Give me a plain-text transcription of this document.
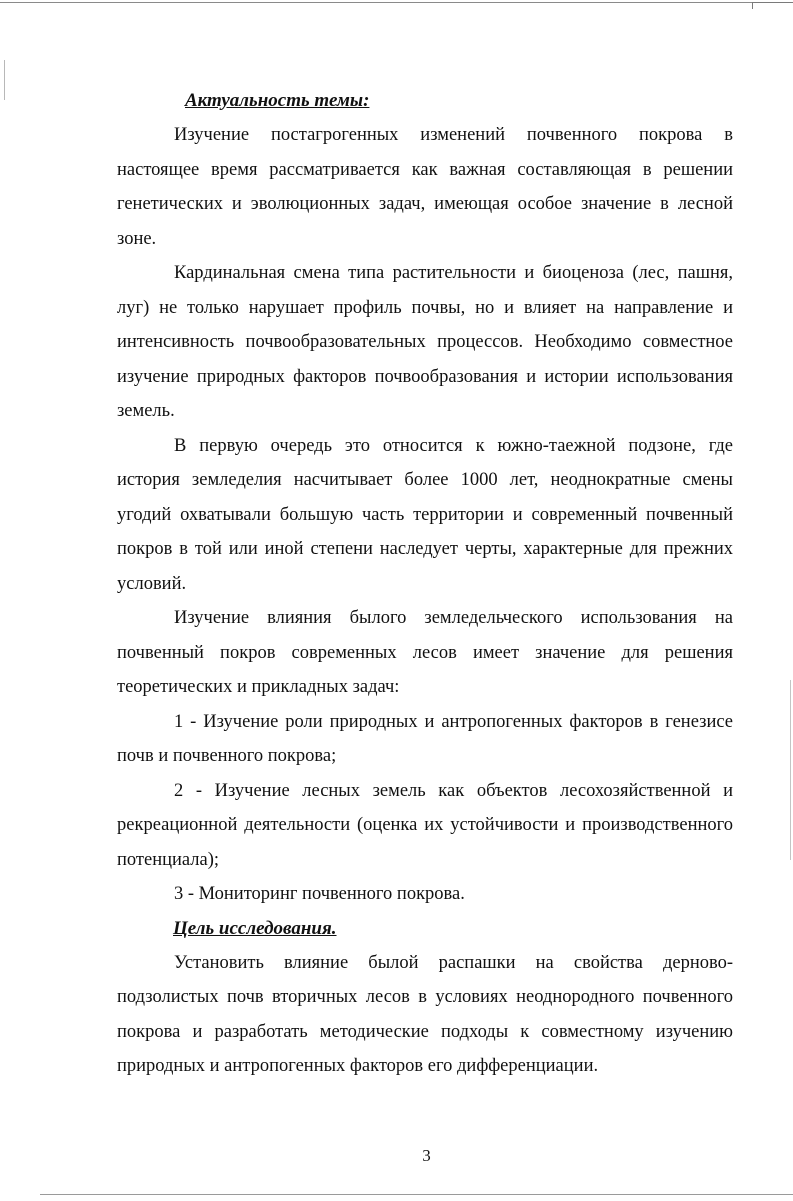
Актуальность темы:

Изучение постагрогенных изменений почвенного покрова в настоящее время рассматривается как важная составляющая в решении генетических и эволюционных задач, имеющая особое значение в лесной зоне.

Кардинальная смена типа растительности и биоценоза (лес, пашня, луг) не только нарушает профиль почвы, но и влияет на направление и интенсивность почвообразовательных процессов. Необходимо совместное изучение природных факторов почвообразования и истории использования земель.

В первую очередь это относится к южно-таежной подзоне, где история земледелия насчитывает более 1000 лет, неоднократные смены угодий охватывали большую часть территории и современный почвенный покров в той или иной степени наследует черты, характерные для прежних условий.

Изучение влияния былого земледельческого использования на почвенный покров современных лесов имеет значение для решения теоретических и прикладных задач:

1 - Изучение роли природных и антропогенных факторов в генезисе почв и почвенного покрова;

2 - Изучение лесных земель как объектов лесохозяйственной и рекреационной деятельности (оценка их устойчивости и производственного потенциала);

3 - Мониторинг почвенного покрова.

Цель исследования.

Установить влияние былой распашки на свойства дерново-подзолистых почв вторичных лесов в условиях неоднородного почвенного покрова и разработать методические подходы к совместному изучению природных и антропогенных факторов его дифференциации.

3
